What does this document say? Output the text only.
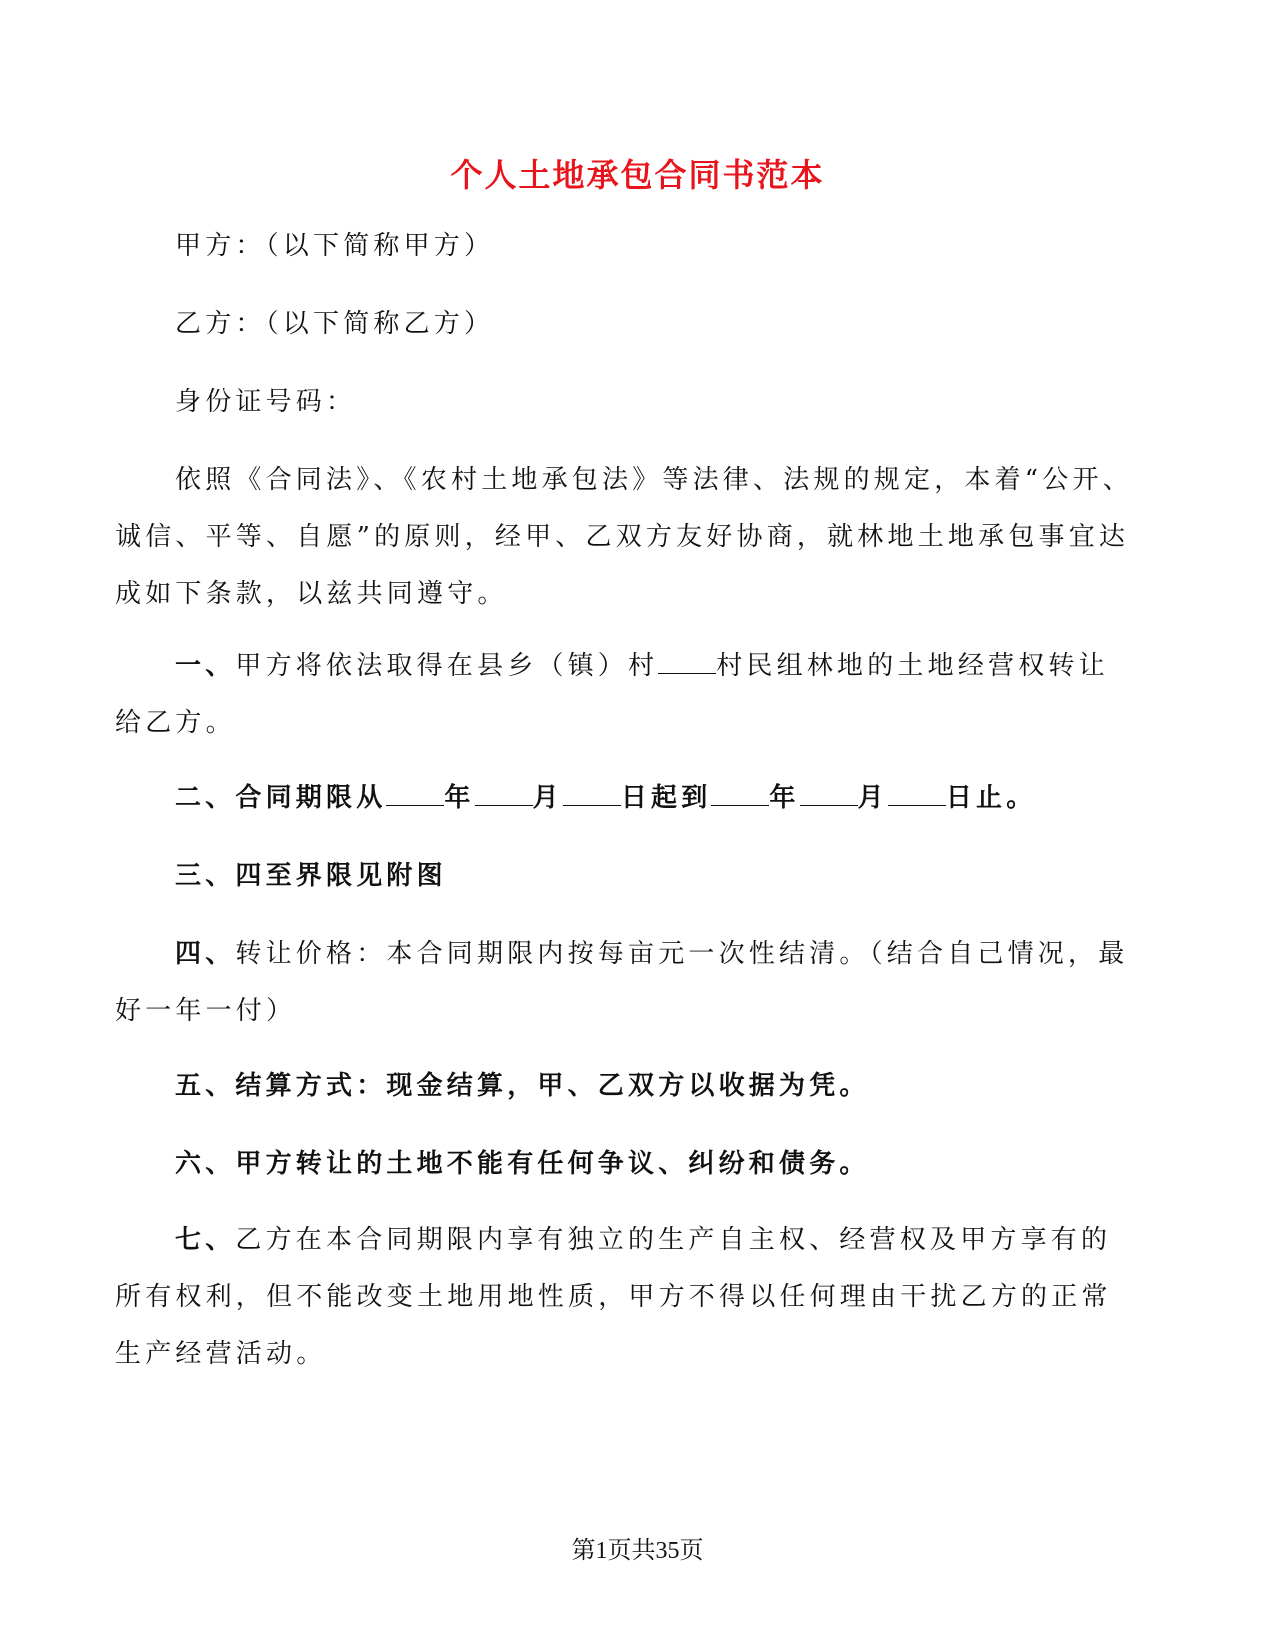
个人土地承包合同书范本

甲方：（以下简称甲方）

乙方：（以下简称乙方）

身份证号码：

依照《合同法》、《农村土地承包法》等法律、法规的规定，本着“公开、诚信、平等、自愿”的原则，经甲、乙双方友好协商，就林地土地承包事宜达成如下条款，以兹共同遵守。

一、甲方将依法取得在县乡（镇）村 村民组林地的土地经营权转让给乙方。

二、合同期限从 年 月 日起到 年 月 日止。

三、四至界限见附图

四、转让价格：本合同期限内按每亩元一次性结清。（结合自己情况，最好一年一付）

五、结算方式：现金结算，甲、乙双方以收据为凭。

六、甲方转让的土地不能有任何争议、纠纷和债务。

七、乙方在本合同期限内享有独立的生产自主权、经营权及甲方享有的所有权利，但不能改变土地用地性质，甲方不得以任何理由干扰乙方的正常生产经营活动。

第1页共35页
